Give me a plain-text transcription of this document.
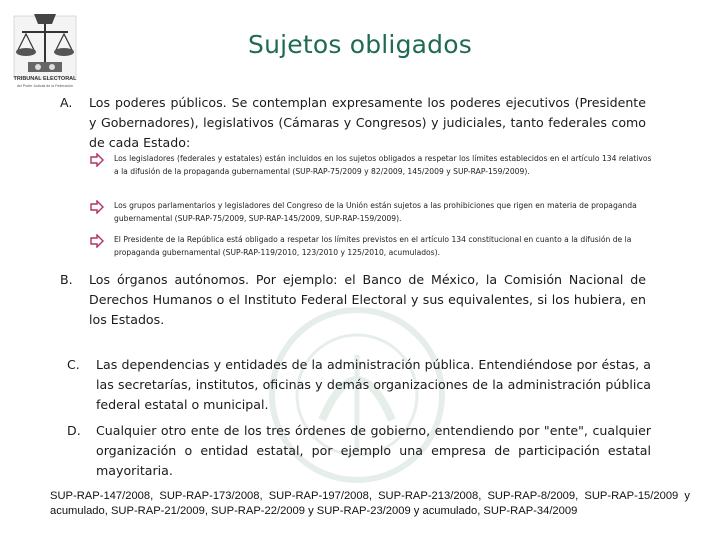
TRIBUNAL ELECTORAL
del Poder Judicial de la Federación
Sujetos obligados
A. Los poderes públicos. Se contemplan expresamente los poderes ejecutivos (Presidente y Gobernadores), legislativos (Cámaras y Congresos) y judiciales, tanto federales como de cada Estado:
Los legisladores (federales y estatales) están incluidos en los sujetos obligados a respetar los límites establecidos en el artículo 134 relativos a la difusión de la propaganda gubernamental (SUP-RAP-75/2009 y 82/2009, 145/2009 y SUP-RAP-159/2009).
Los grupos parlamentarios y legisladores del Congreso de la Unión están sujetos a las prohibiciones que rigen en materia de propaganda gubernamental (SUP-RAP-75/2009, SUP-RAP-145/2009, SUP-RAP-159/2009).
El Presidente de la República está obligado a respetar los límites previstos en el artículo 134 constitucional en cuanto a la difusión de la propaganda gubernamental (SUP-RAP-119/2010, 123/2010 y 125/2010, acumulados).
B. Los órganos autónomos. Por ejemplo: el Banco de México, la Comisión Nacional de Derechos Humanos o el Instituto Federal Electoral y sus equivalentes, si los hubiera, en los Estados.
C. Las dependencias y entidades de la administración pública. Entendiéndose por éstas, a las secretarías, institutos, oficinas y demás organizaciones de la administración pública federal estatal o municipal.
D. Cualquier otro ente de los tres órdenes de gobierno, entendiendo por "ente", cualquier organización o entidad estatal, por ejemplo una empresa de participación estatal mayoritaria.
SUP-RAP-147/2008, SUP-RAP-173/2008, SUP-RAP-197/2008, SUP-RAP-213/2008, SUP-RAP-8/2009, SUP-RAP-15/2009 y acumulado, SUP-RAP-21/2009, SUP-RAP-22/2009 y SUP-RAP-23/2009 y acumulado, SUP-RAP-34/2009
